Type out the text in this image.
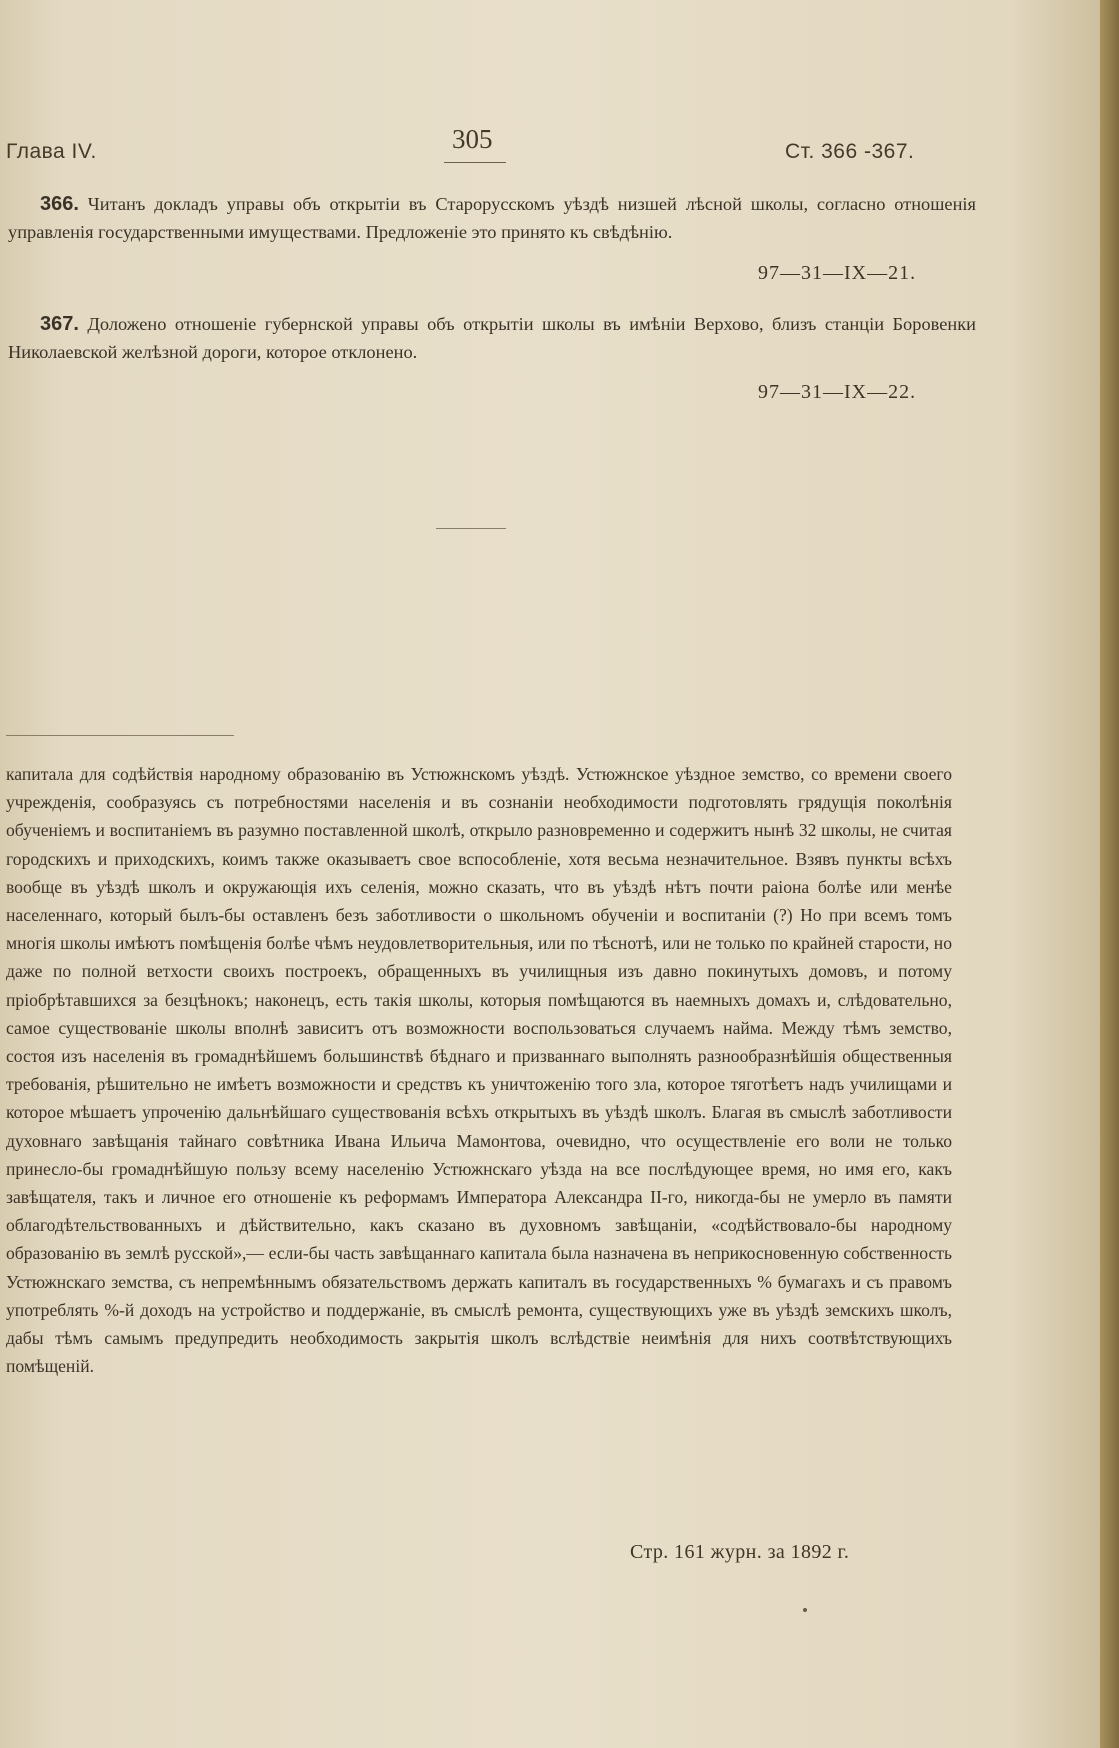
Глава IV.	305	Ст. 366 -367.
366. Читанъ докладъ управы объ открытіи въ Старорусскомъ уѣздѣ низшей лѣсной школы, согласно отношенія управленія государственными имуществами. Предложеніе это принято къ свѣдѣнію.
97—31—IX—21.
367. Доложено отношеніе губернской управы объ открытіи школы въ имѣніи Верхово, близъ станціи Боровенки Николаевской желѣзной дороги, которое отклонено.
97—31—IX—22.
капитала для содѣйствія народному образованію въ Устюжнскомъ уѣздѣ. Устюжнское уѣздное земство, со времени своего учрежденія, сообразуясь съ потребностями населенія и въ сознаніи необходимости подготовлять грядущія поколѣнія обученіемъ и воспитаніемъ въ разумно поставленной школѣ, открыло разновременно и содержитъ нынѣ 32 школы, не считая городскихъ и приходскихъ, коимъ также оказываетъ свое вспособленіе, хотя весьма незначительное. Взявъ пункты всѣхъ вообще въ уѣздѣ школъ и окружающія ихъ селенія, можно сказать, что въ уѣздѣ нѣтъ почти раіона болѣе или менѣе населеннаго, который былъ-бы оставленъ безъ заботливости о школьномъ обученіи и воспитаніи (?) Но при всемъ томъ многія школы имѣютъ помѣщенія болѣе чѣмъ неудовлетворительныя, или по тѣснотѣ, или не только по крайней старости, но даже по полной ветхости своихъ построекъ, обращенныхъ въ училищныя изъ давно покинутыхъ домовъ, и потому пріобрѣтавшихся за безцѣнокъ; наконецъ, есть такія школы, которыя помѣщаются въ наемныхъ домахъ и, слѣдовательно, самое существованіе школы вполнѣ зависитъ отъ возможности воспользоваться случаемъ найма. Между тѣмъ земство, состоя изъ населенія въ громаднѣйшемъ большинствѣ бѣднаго и призваннаго выполнять разнообразнѣйшія общественныя требованія, рѣшительно не имѣетъ возможности и средствъ къ уничтоженію того зла, которое тяготѣетъ надъ училищами и которое мѣшаетъ упроченію дальнѣйшаго существованія всѣхъ открытыхъ въ уѣздѣ школъ. Благая въ смыслѣ заботливости духовнаго завѣщанія тайнаго совѣтника Ивана Ильича Мамонтова, очевидно, что осуществленіе его воли не только принесло-бы громаднѣйшую пользу всему населенію Устюжнскаго уѣзда на все послѣдующее время, но имя его, какъ завѣщателя, такъ и личное его отношеніе къ реформамъ Императора Александра II-го, никогда-бы не умерло въ памяти облагодѣтельствованныхъ и дѣйствительно, какъ сказано въ духовномъ завѣщаніи, «содѣйствовало-бы народному образованію въ землѣ русской»,— если-бы часть завѣщаннаго капитала была назначена въ неприкосновенную собственность Устюжнскаго земства, съ непремѣннымъ обязательствомъ держать капиталъ въ государственныхъ % бумагахъ и съ правомъ употреблять %-й доходъ на устройство и поддержаніе, въ смыслѣ ремонта, существующихъ уже въ уѣздѣ земскихъ школъ, дабы тѣмъ самымъ предупредить необходимость закрытія школъ вслѣдствіе неимѣнія для нихъ соотвѣтствующихъ помѣщеній.
Стр. 161 журн. за 1892 г.
